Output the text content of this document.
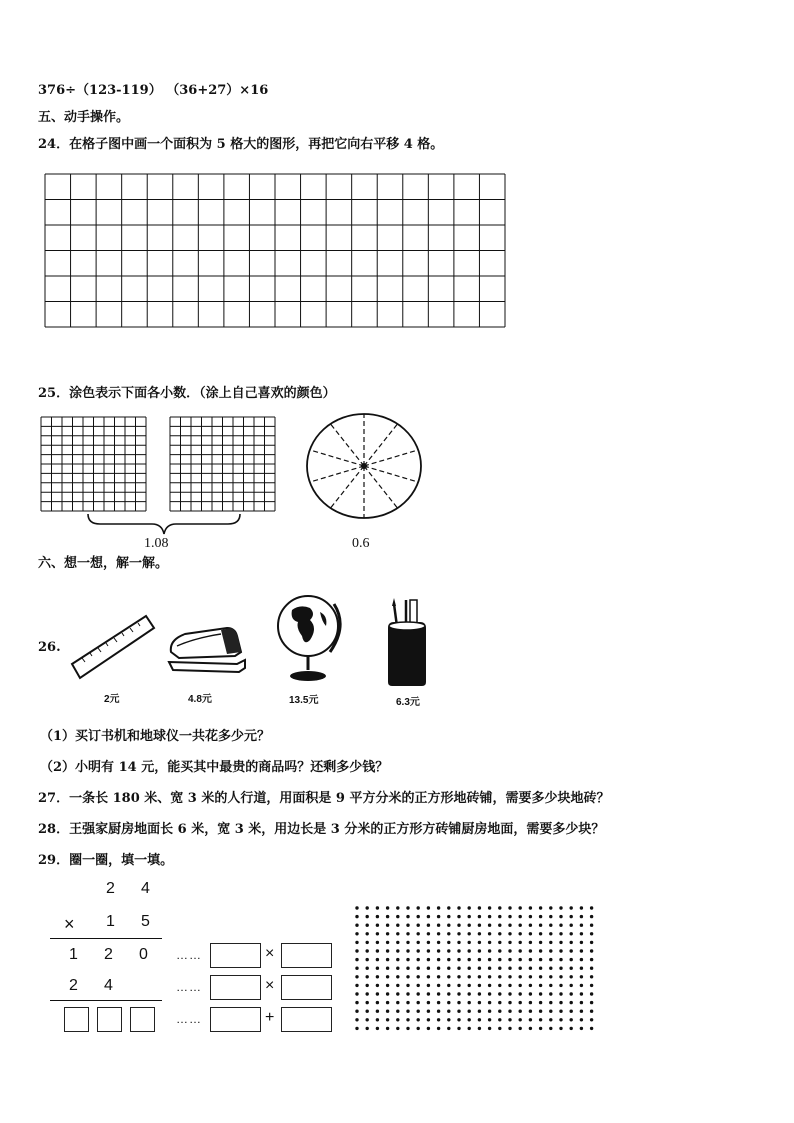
376÷（123-119） （36+27）×16
五、动手操作。
24．在格子图中画一个面积为 5 格大的图形，再把它向右平移 4 格。
25．涂色表示下面各小数．（涂上自己喜欢的颜色）
1.08	0.6
六、想一想，解一解。
26.
2元	4.8元	13.5元	6.3元
（1）买订书机和地球仪一共花多少元？
（2）小明有 14 元，能买其中最贵的商品吗？还剩多少钱？
27．一条长 180 米、宽 3 米的人行道，用面积是 9 平方分米的正方形地砖铺，需要多少块地砖？
28．王强家厨房地面长 6 米，宽 3 米，用边长是 3 分米的正方形方砖铺厨房地面，需要多少块？
29．圈一圈，填一填。
2 4
× 1 5
1 2 0
2 4
……	×
……	×
……	+
